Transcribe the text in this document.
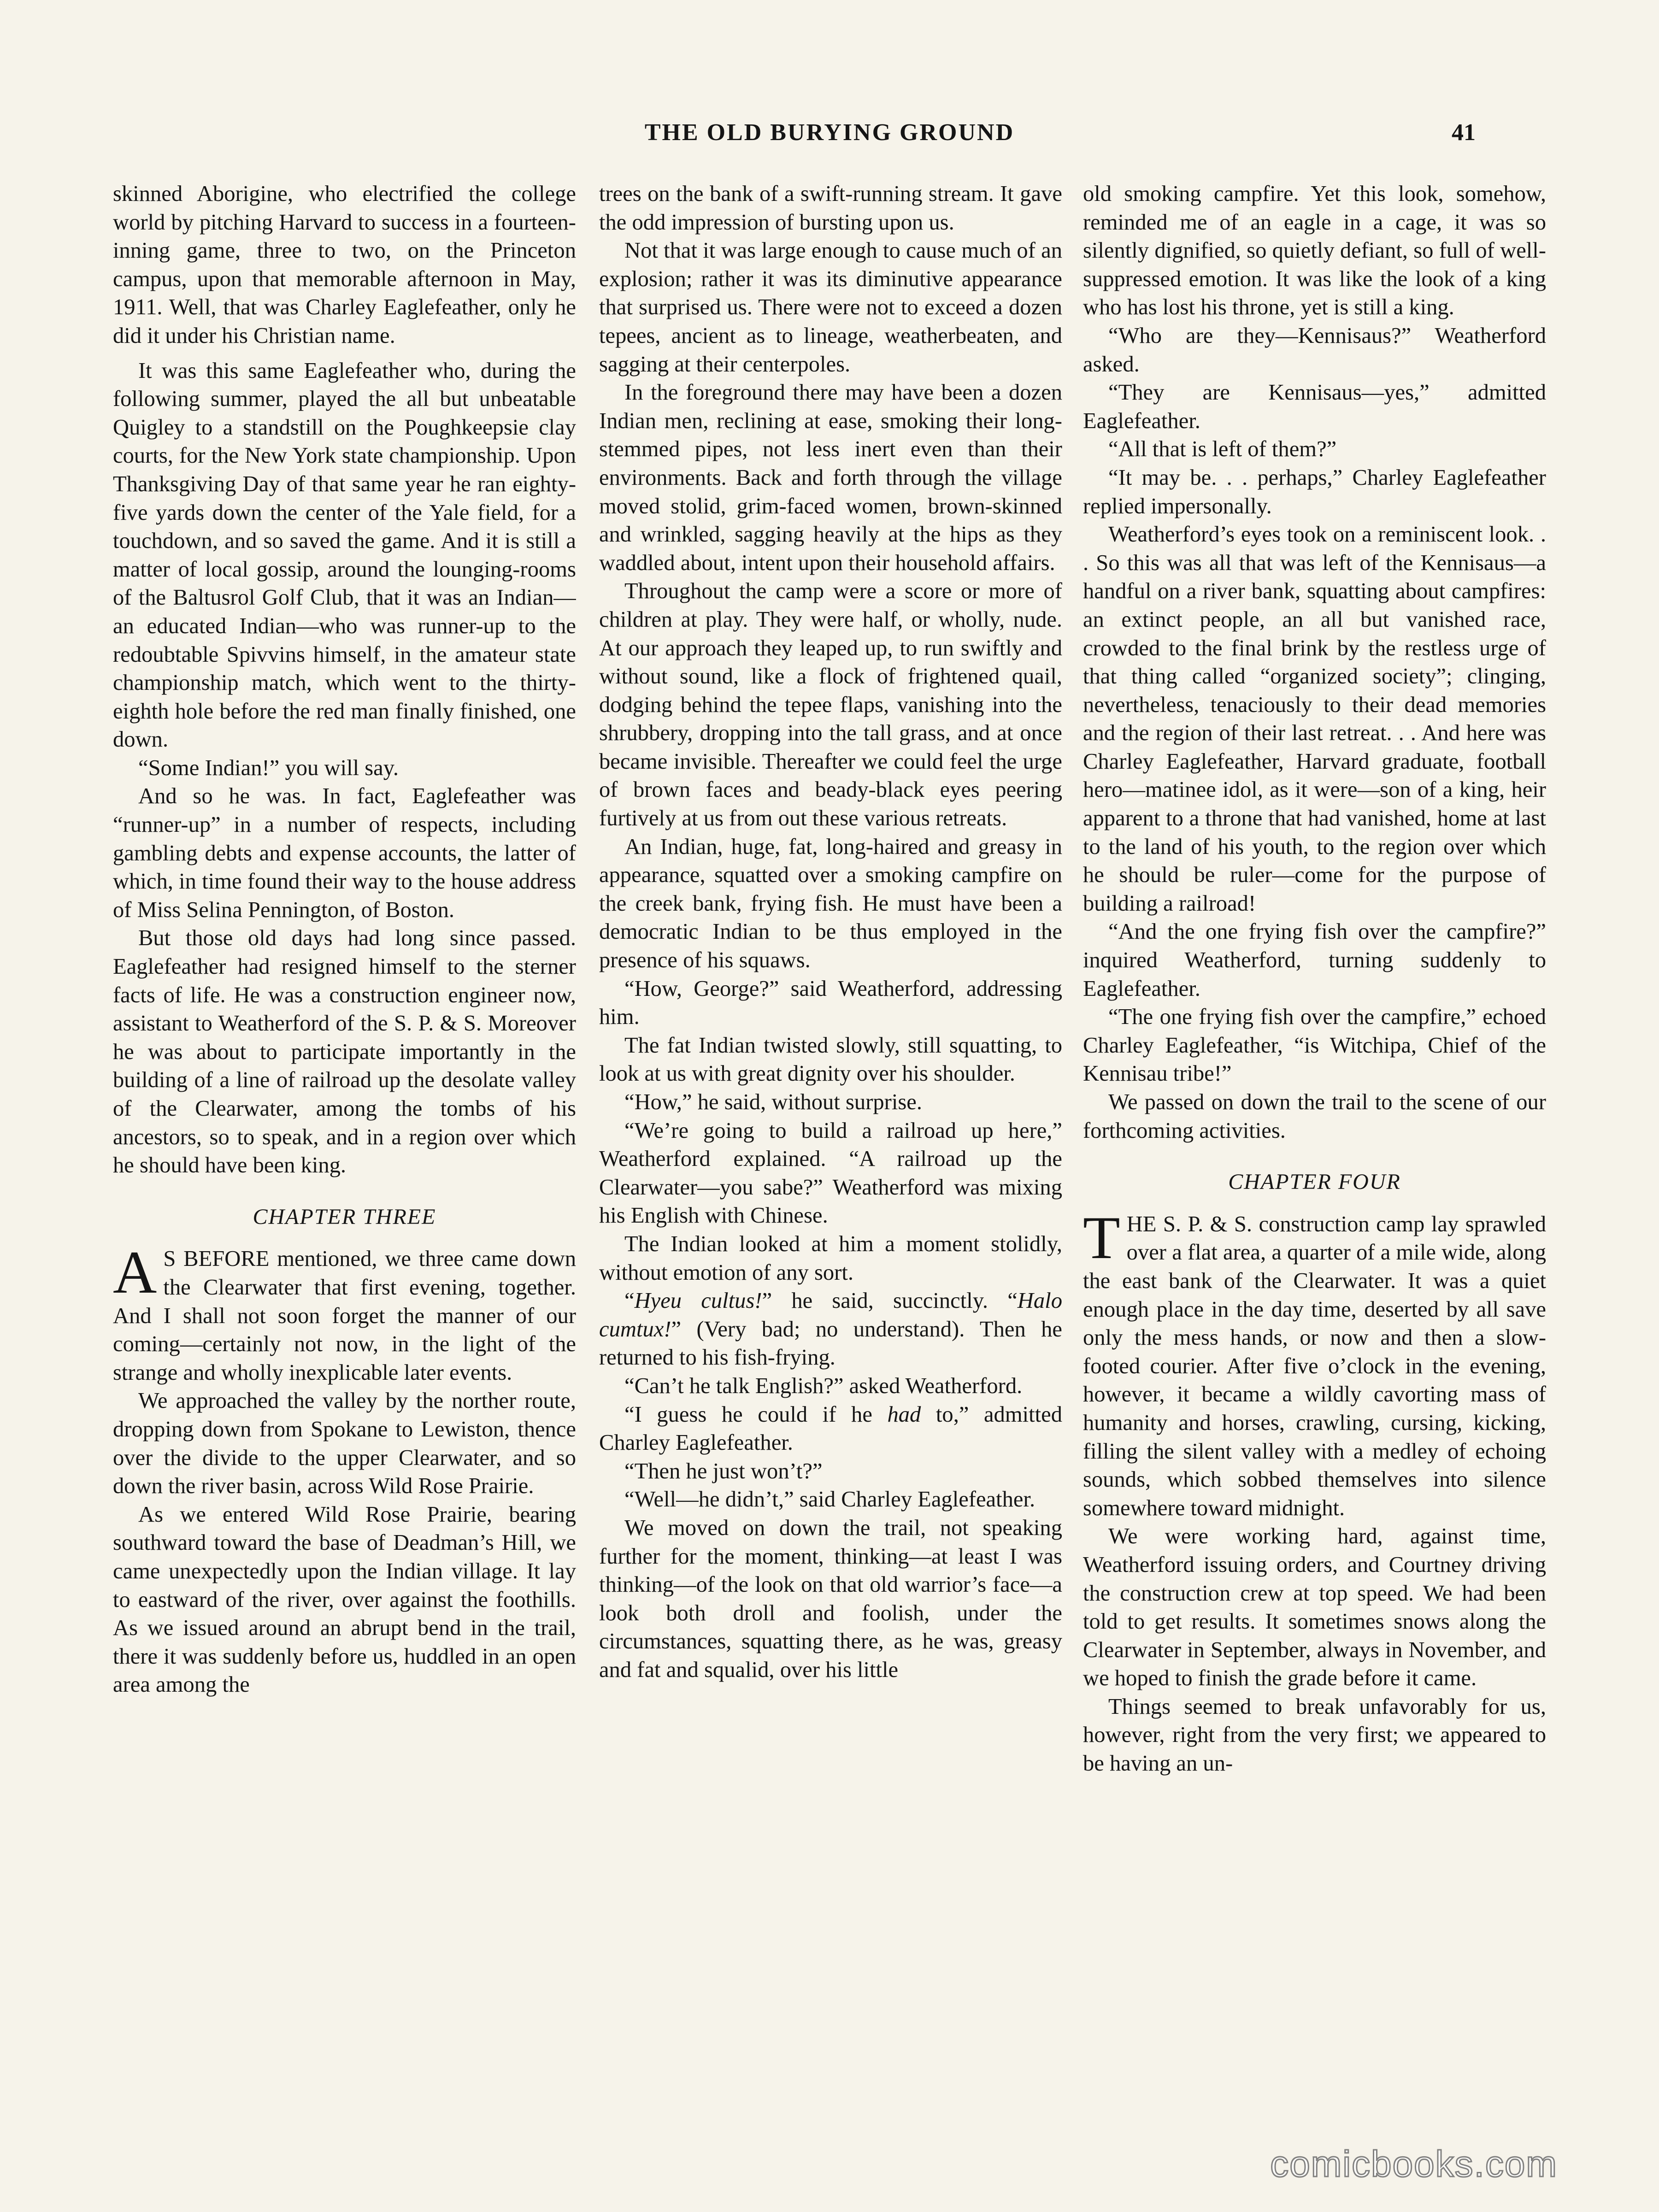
THE OLD BURYING GROUND	41

skinned Aborigine, who electrified the college world by pitching Harvard to success in a fourteen-inning game, three to two, on the Princeton campus, upon that memorable afternoon in May, 1911. Well, that was Charley Eaglefeather, only he did it under his Christian name.

It was this same Eaglefeather who, during the following summer, played the all but unbeatable Quigley to a standstill on the Poughkeepsie clay courts, for the New York state championship. Upon Thanksgiving Day of that same year he ran eighty-five yards down the center of the Yale field, for a touchdown, and so saved the game. And it is still a matter of local gossip, around the lounging-rooms of the Baltusrol Golf Club, that it was an Indian—an educated Indian—who was runner-up to the redoubtable Spivvins himself, in the amateur state championship match, which went to the thirty-eighth hole before the red man finally finished, one down.

“Some Indian!” you will say.

And so he was. In fact, Eaglefeather was “runner-up” in a number of respects, including gambling debts and expense accounts, the latter of which, in time found their way to the house address of Miss Selina Pennington, of Boston.

But those old days had long since passed. Eaglefeather had resigned himself to the sterner facts of life. He was a construction engineer now, assistant to Weatherford of the S. P. & S. Moreover he was about to participate importantly in the building of a line of railroad up the desolate valley of the Clearwater, among the tombs of his ancestors, so to speak, and in a region over which he should have been king.

CHAPTER THREE

A S BEFORE mentioned, we three came down the Clearwater that first evening, together. And I shall not soon forget the manner of our coming—certainly not now, in the light of the strange and wholly inexplicable later events.

We approached the valley by the norther route, dropping down from Spokane to Lewiston, thence over the divide to the upper Clearwater, and so down the river basin, across Wild Rose Prairie.

As we entered Wild Rose Prairie, bearing southward toward the base of Deadman’s Hill, we came unexpectedly upon the Indian village. It lay to eastward of the river, over against the foothills. As we issued around an abrupt bend in the trail, there it was suddenly before us, huddled in an open area among the

trees on the bank of a swift-running stream. It gave the odd impression of bursting upon us.

Not that it was large enough to cause much of an explosion; rather it was its diminutive appearance that surprised us. There were not to exceed a dozen tepees, ancient as to lineage, weatherbeaten, and sagging at their centerpoles.

In the foreground there may have been a dozen Indian men, reclining at ease, smoking their long-stemmed pipes, not less inert even than their environments. Back and forth through the village moved stolid, grim-faced women, brown-skinned and wrinkled, sagging heavily at the hips as they waddled about, intent upon their household affairs.

Throughout the camp were a score or more of children at play. They were half, or wholly, nude. At our approach they leaped up, to run swiftly and without sound, like a flock of frightened quail, dodging behind the tepee flaps, vanishing into the shrubbery, dropping into the tall grass, and at once became invisible. Thereafter we could feel the urge of brown faces and beady-black eyes peering furtively at us from out these various retreats.

An Indian, huge, fat, long-haired and greasy in appearance, squatted over a smoking campfire on the creek bank, frying fish. He must have been a democratic Indian to be thus employed in the presence of his squaws.

“How, George?” said Weatherford, addressing him.

The fat Indian twisted slowly, still squatting, to look at us with great dignity over his shoulder.

“How,” he said, without surprise.

“We’re going to build a railroad up here,” Weatherford explained. “A railroad up the Clearwater—you sabe?” Weatherford was mixing his English with Chinese.

The Indian looked at him a moment stolidly, without emotion of any sort.

“Hyeu cultus!” he said, succinctly. “Halo cumtux!” (Very bad; no understand). Then he returned to his fish-frying.

“Can’t he talk English?” asked Weatherford.

“I guess he could if he had to,” admitted Charley Eaglefeather.

“Then he just won’t?”

“Well—he didn’t,” said Charley Eaglefeather.

We moved on down the trail, not speaking further for the moment, thinking—at least I was thinking—of the look on that old warrior’s face—a look both droll and foolish, under the circumstances, squatting there, as he was, greasy and fat and squalid, over his little

old smoking campfire. Yet this look, somehow, reminded me of an eagle in a cage, it was so silently dignified, so quietly defiant, so full of well-suppressed emotion. It was like the look of a king who has lost his throne, yet is still a king.

“Who are they—Kennisaus?” Weatherford asked.

“They are Kennisaus—yes,” admitted Eaglefeather.

“All that is left of them?”

“It may be. . . perhaps,” Charley Eaglefeather replied impersonally.

Weatherford’s eyes took on a reminiscent look. . . So this was all that was left of the Kennisaus—a handful on a river bank, squatting about campfires: an extinct people, an all but vanished race, crowded to the final brink by the restless urge of that thing called “organized society”; clinging, nevertheless, tenaciously to their dead memories and the region of their last retreat. . . And here was Charley Eaglefeather, Harvard graduate, football hero—matinee idol, as it were—son of a king, heir apparent to a throne that had vanished, home at last to the land of his youth, to the region over which he should be ruler—come for the purpose of building a railroad!

“And the one frying fish over the campfire?” inquired Weatherford, turning suddenly to Eaglefeather.

“The one frying fish over the campfire,” echoed Charley Eaglefeather, “is Witchipa, Chief of the Kennisau tribe!”

We passed on down the trail to the scene of our forthcoming activities.

CHAPTER FOUR

THE S. P. & S. construction camp lay sprawled over a flat area, a quarter of a mile wide, along the east bank of the Clearwater. It was a quiet enough place in the day time, deserted by all save only the mess hands, or now and then a slow-footed courier. After five o’clock in the evening, however, it became a wildly cavorting mass of humanity and horses, crawling, cursing, kicking, filling the silent valley with a medley of echoing sounds, which sobbed themselves into silence somewhere toward midnight.

We were working hard, against time, Weatherford issuing orders, and Courtney driving the construction crew at top speed. We had been told to get results. It sometimes snows along the Clearwater in September, always in November, and we hoped to finish the grade before it came.

Things seemed to break unfavorably for us, however, right from the very first; we appeared to be having an un-

comicbooks.com
